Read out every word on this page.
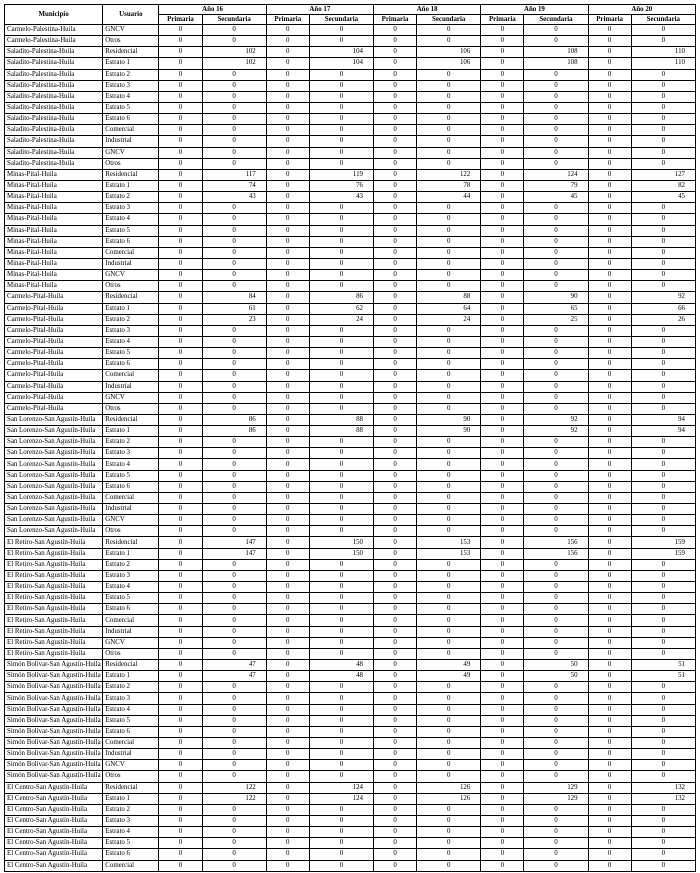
Municipio	Usuario	Año 16		Año 17		Año 18		Año 19		Año 20	
		Primaria	Secundaria	Primaria	Secundaria	Primaria	Secundaria	Primaria	Secundaria	Primaria	Secundaria
Carmelo-Palestina-Huila	GNCV	0	0	0	0	0	0	0	0	0	0
Carmelo-Palestina-Huila	Otros	0	0	0	0	0	0	0	0	0	0
Saladito-Palestina-Huila	Residencial	0	102	0	104	0	106	0	108	0	110
Saladito-Palestina-Huila	Estrato 1	0	102	0	104	0	106	0	108	0	110
Saladito-Palestina-Huila	Estrato 2	0	0	0	0	0	0	0	0	0	0
Saladito-Palestina-Huila	Estrato 3	0	0	0	0	0	0	0	0	0	0
Saladito-Palestina-Huila	Estrato 4	0	0	0	0	0	0	0	0	0	0
Saladito-Palestina-Huila	Estrato 5	0	0	0	0	0	0	0	0	0	0
Saladito-Palestina-Huila	Estrato 6	0	0	0	0	0	0	0	0	0	0
Saladito-Palestina-Huila	Comercial	0	0	0	0	0	0	0	0	0	0
Saladito-Palestina-Huila	Industrial	0	0	0	0	0	0	0	0	0	0
Saladito-Palestina-Huila	GNCV	0	0	0	0	0	0	0	0	0	0
Saladito-Palestina-Huila	Otros	0	0	0	0	0	0	0	0	0	0
Minas-Pital-Huila	Residencial	0	117	0	119	0	122	0	124	0	127
Minas-Pital-Huila	Estrato 1	0	74	0	76	0	78	0	79	0	82
Minas-Pital-Huila	Estrato 2	0	43	0	43	0	44	0	45	0	45
Minas-Pital-Huila	Estrato 3	0	0	0	0	0	0	0	0	0	0
Minas-Pital-Huila	Estrato 4	0	0	0	0	0	0	0	0	0	0
Minas-Pital-Huila	Estrato 5	0	0	0	0	0	0	0	0	0	0
Minas-Pital-Huila	Estrato 6	0	0	0	0	0	0	0	0	0	0
Minas-Pital-Huila	Comercial	0	0	0	0	0	0	0	0	0	0
Minas-Pital-Huila	Industrial	0	0	0	0	0	0	0	0	0	0
Minas-Pital-Huila	GNCV	0	0	0	0	0	0	0	0	0	0
Minas-Pital-Huila	Otros	0	0	0	0	0	0	0	0	0	0
Carmelo-Pital-Huila	Residencial	0	84	0	86	0	88	0	90	0	92
Carmelo-Pital-Huila	Estrato 1	0	61	0	62	0	64	0	65	0	66
Carmelo-Pital-Huila	Estrato 2	0	23	0	24	0	24	0	25	0	26
Carmelo-Pital-Huila	Estrato 3	0	0	0	0	0	0	0	0	0	0
Carmelo-Pital-Huila	Estrato 4	0	0	0	0	0	0	0	0	0	0
Carmelo-Pital-Huila	Estrato 5	0	0	0	0	0	0	0	0	0	0
Carmelo-Pital-Huila	Estrato 6	0	0	0	0	0	0	0	0	0	0
Carmelo-Pital-Huila	Comercial	0	0	0	0	0	0	0	0	0	0
Carmelo-Pital-Huila	Industrial	0	0	0	0	0	0	0	0	0	0
Carmelo-Pital-Huila	GNCV	0	0	0	0	0	0	0	0	0	0
Carmelo-Pital-Huila	Otros	0	0	0	0	0	0	0	0	0	0
San Lorenzo-San Agustín-Huila	Residencial	0	86	0	88	0	90	0	92	0	94
San Lorenzo-San Agustín-Huila	Estrato 1	0	86	0	88	0	90	0	92	0	94
San Lorenzo-San Agustín-Huila	Estrato 2	0	0	0	0	0	0	0	0	0	0
San Lorenzo-San Agustín-Huila	Estrato 3	0	0	0	0	0	0	0	0	0	0
San Lorenzo-San Agustín-Huila	Estrato 4	0	0	0	0	0	0	0	0	0	0
San Lorenzo-San Agustín-Huila	Estrato 5	0	0	0	0	0	0	0	0	0	0
San Lorenzo-San Agustín-Huila	Estrato 6	0	0	0	0	0	0	0	0	0	0
San Lorenzo-San Agustín-Huila	Comercial	0	0	0	0	0	0	0	0	0	0
San Lorenzo-San Agustín-Huila	Industrial	0	0	0	0	0	0	0	0	0	0
San Lorenzo-San Agustín-Huila	GNCV	0	0	0	0	0	0	0	0	0	0
San Lorenzo-San Agustín-Huila	Otros	0	0	0	0	0	0	0	0	0	0
El Retiro-San Agustín-Huila	Residencial	0	147	0	150	0	153	0	156	0	159
El Retiro-San Agustín-Huila	Estrato 1	0	147	0	150	0	153	0	156	0	159
El Retiro-San Agustín-Huila	Estrato 2	0	0	0	0	0	0	0	0	0	0
El Retiro-San Agustín-Huila	Estrato 3	0	0	0	0	0	0	0	0	0	0
El Retiro-San Agustín-Huila	Estrato 4	0	0	0	0	0	0	0	0	0	0
El Retiro-San Agustín-Huila	Estrato 5	0	0	0	0	0	0	0	0	0	0
El Retiro-San Agustín-Huila	Estrato 6	0	0	0	0	0	0	0	0	0	0
El Retiro-San Agustín-Huila	Comercial	0	0	0	0	0	0	0	0	0	0
El Retiro-San Agustín-Huila	Industrial	0	0	0	0	0	0	0	0	0	0
El Retiro-San Agustín-Huila	GNCV	0	0	0	0	0	0	0	0	0	0
El Retiro-San Agustín-Huila	Otros	0	0	0	0	0	0	0	0	0	0
Simón Bolívar-San Agustín-Huila	Residencial	0	47	0	48	0	49	0	50	0	51
Simón Bolívar-San Agustín-Huila	Estrato 1	0	47	0	48	0	49	0	50	0	51
Simón Bolívar-San Agustín-Huila	Estrato 2	0	0	0	0	0	0	0	0	0	0
Simón Bolívar-San Agustín-Huila	Estrato 3	0	0	0	0	0	0	0	0	0	0
Simón Bolívar-San Agustín-Huila	Estrato 4	0	0	0	0	0	0	0	0	0	0
Simón Bolívar-San Agustín-Huila	Estrato 5	0	0	0	0	0	0	0	0	0	0
Simón Bolívar-San Agustín-Huila	Estrato 6	0	0	0	0	0	0	0	0	0	0
Simón Bolívar-San Agustín-Huila	Comercial	0	0	0	0	0	0	0	0	0	0
Simón Bolívar-San Agustín-Huila	Industrial	0	0	0	0	0	0	0	0	0	0
Simón Bolívar-San Agustín-Huila	GNCV	0	0	0	0	0	0	0	0	0	0
Simón Bolívar-San Agustín-Huila	Otros	0	0	0	0	0	0	0	0	0	0
El Centro-San Agustín-Huila	Residencial	0	122	0	124	0	126	0	129	0	132
El Centro-San Agustín-Huila	Estrato 1	0	122	0	124	0	126	0	129	0	132
El Centro-San Agustín-Huila	Estrato 2	0	0	0	0	0	0	0	0	0	0
El Centro-San Agustín-Huila	Estrato 3	0	0	0	0	0	0	0	0	0	0
El Centro-San Agustín-Huila	Estrato 4	0	0	0	0	0	0	0	0	0	0
El Centro-San Agustín-Huila	Estrato 5	0	0	0	0	0	0	0	0	0	0
El Centro-San Agustín-Huila	Estrato 6	0	0	0	0	0	0	0	0	0	0
El Centro-San Agustín-Huila	Comercial	0	0	0	0	0	0	0	0	0	0
